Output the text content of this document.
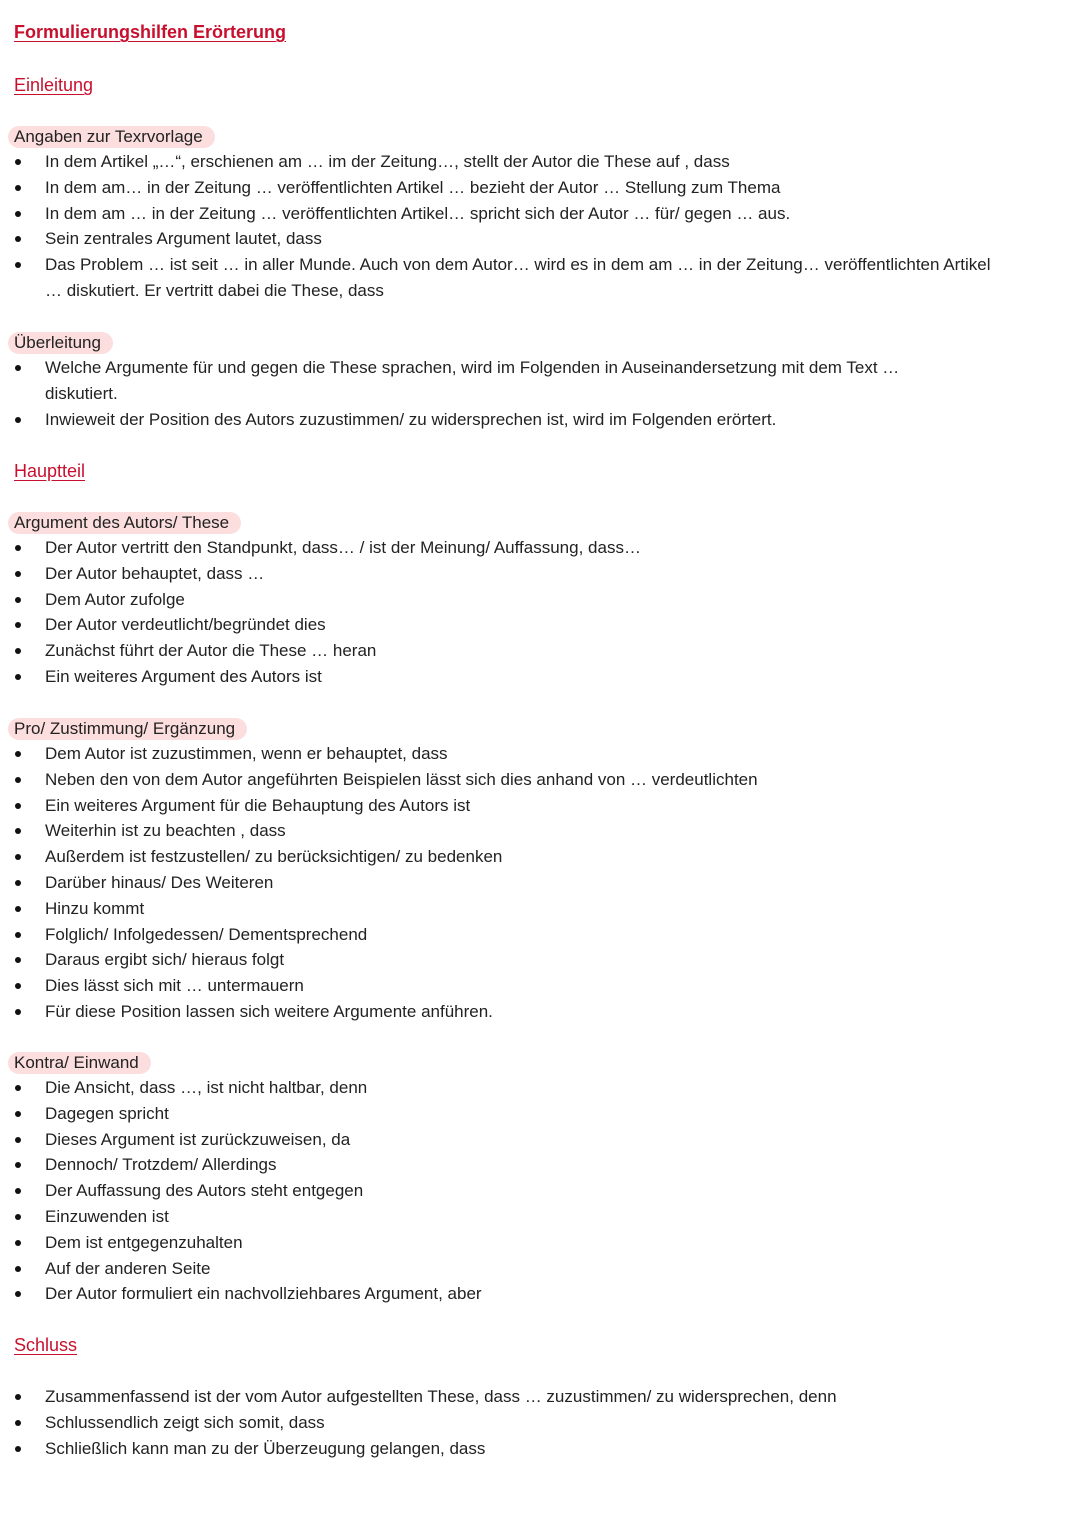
Formulierungshilfen Erörterung
Einleitung
Angaben zur Texrvorlage
In dem Artikel „…“, erschienen am … im der Zeitung…, stellt der Autor die These auf , dass
In dem am… in der Zeitung … veröffentlichten Artikel … bezieht der Autor … Stellung zum Thema
In dem am … in der Zeitung … veröffentlichten Artikel… spricht sich der Autor … für/ gegen … aus.
Sein zentrales Argument lautet, dass
Das Problem … ist seit … in aller Munde. Auch von dem Autor… wird es in dem am … in der Zeitung… veröffentlichten Artikel … diskutiert. Er vertritt dabei die These, dass
Überleitung
Welche Argumente für und gegen die These sprachen, wird im Folgenden in Auseinandersetzung mit dem Text … diskutiert.
Inwieweit der Position des Autors zuzustimmen/ zu widersprechen ist, wird im Folgenden erörtert.
Hauptteil
Argument des Autors/ These
Der Autor vertritt den Standpunkt, dass… / ist der Meinung/ Auffassung, dass…
Der Autor behauptet, dass …
Dem Autor zufolge
Der Autor verdeutlicht/begründet dies
Zunächst führt der Autor die These … heran
Ein weiteres Argument des Autors ist
Pro/ Zustimmung/ Ergänzung
Dem Autor ist zuzustimmen, wenn er behauptet, dass
Neben den von dem Autor angeführten Beispielen lässt sich dies anhand von … verdeutlichten
Ein weiteres Argument für die Behauptung des Autors ist
Weiterhin ist zu beachten , dass
Außerdem ist festzustellen/ zu berücksichtigen/ zu bedenken
Darüber hinaus/ Des Weiteren
Hinzu kommt
Folglich/ Infolgedessen/ Dementsprechend
Daraus ergibt sich/ hieraus folgt
Dies lässt sich mit … untermauern
Für diese Position lassen sich weitere Argumente anführen.
Kontra/ Einwand
Die Ansicht, dass …, ist nicht haltbar, denn
Dagegen spricht
Dieses Argument ist zurückzuweisen, da
Dennoch/ Trotzdem/ Allerdings
Der Auffassung des Autors steht entgegen
Einzuwenden ist
Dem ist entgegenzuhalten
Auf der anderen Seite
Der Autor formuliert ein nachvollziehbares Argument, aber
Schluss
Zusammenfassend ist der vom Autor aufgestellten These, dass … zuzustimmen/ zu widersprechen, denn
Schlussendlich zeigt sich somit, dass
Schließlich kann man zu der Überzeugung gelangen, dass
